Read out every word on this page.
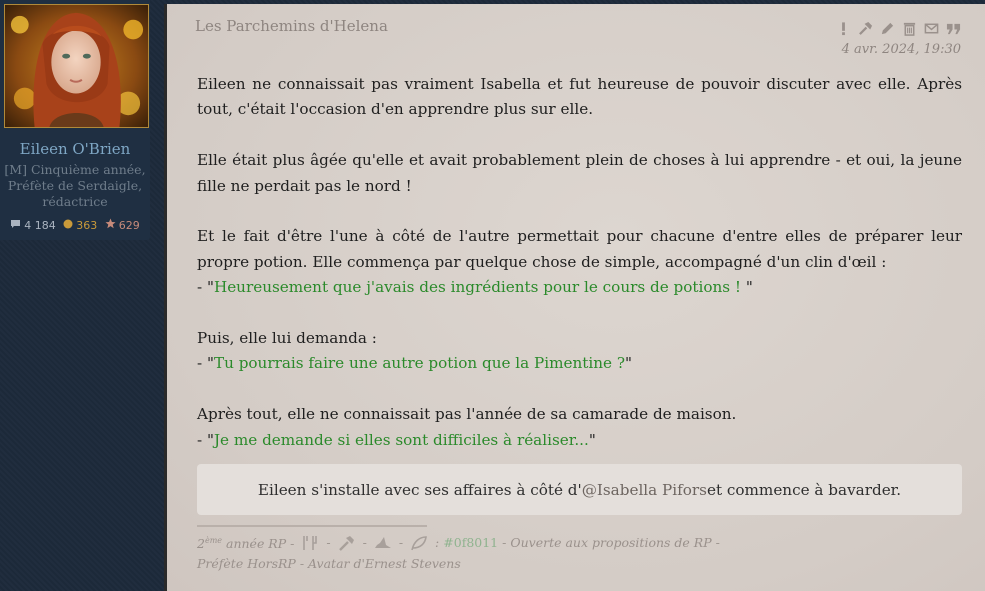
Eileen O'Brien
[M] Cinquième année,
Préfète de Serdaigle,
rédactrice
4 184
363
629
Les Parchemins d'Helena
4 avr. 2024, 19:30

Eileen ne connaissait pas vraiment Isabella et fut heureuse de pouvoir discuter avec elle. Après tout, c'était l'occasion d'en apprendre plus sur elle.

Elle était plus âgée qu'elle et avait probablement plein de choses à lui apprendre - et oui, la jeune fille ne perdait pas le nord !

Et le fait d'être l'une à côté de l'autre permettait pour chacune d'entre elles de préparer leur propre potion. Elle commença par quelque chose de simple, accompagné d'un clin d'œil :

- "Heureusement que j'avais des ingrédients pour le cours de potions ! "

Puis, elle lui demanda :

- "Tu pourrais faire une autre potion que la Pimentine ?"

Après tout, elle ne connaissait pas l'année de sa camarade de maison.

- "Je me demande si elles sont difficiles à réaliser..."

Eileen s'installe avec ses affaires à côté d' @Isabella Pifors et commence à bavarder.
2ème année RP -	-	-	-	: #0f8011 - Ouverte aux propositions de RP -
Préfète HorsRP - Avatar d'Ernest Stevens
